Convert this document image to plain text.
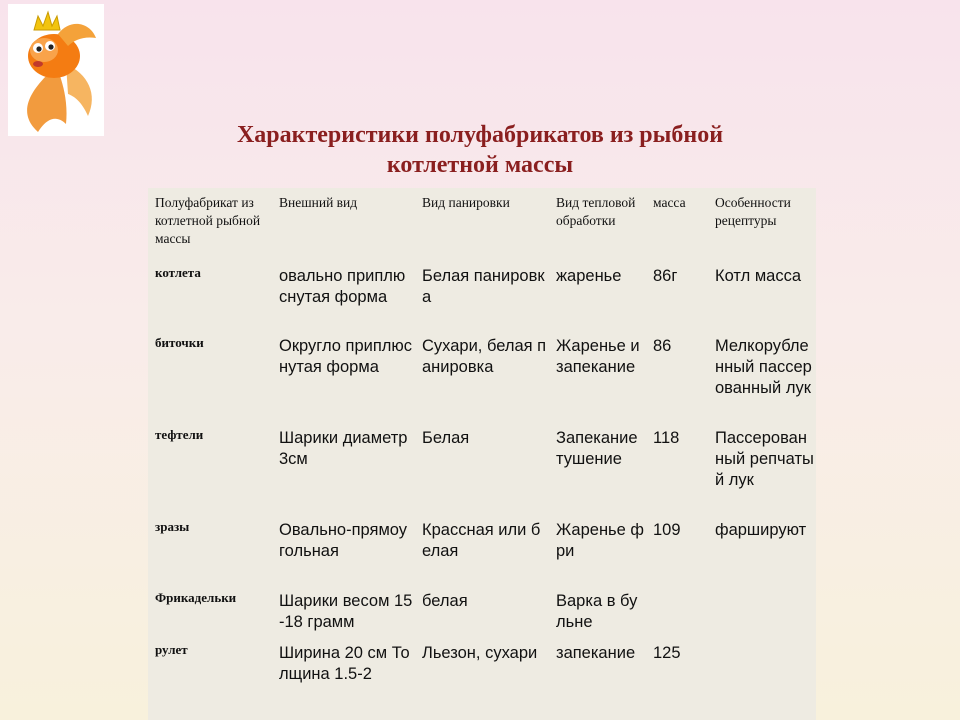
Характеристики полуфабрикатов из рыбной
котлетной массы
Полуфабрикат из котлетной рыбной массы	Внешний вид	Вид панировки	Вид тепловой обработки	масса	Особенности рецептуры
котлета	овально приплюснутая форма	Белая панировка	жаренье	86г	Котл масса
биточки	Округло приплюснутая форма	Сухари, белая панировка	Жаренье и запекание	86	Мелкорубленный пассерованный лук
тефтели	Шарики диаметр 3см	Белая	Запекание тушение	118	Пассерованный репчатый лук
зразы	Овально-прямоугольная	Крассная или белая	Жаренье фри	109	фаршируют
Фрикадельки	Шарики весом 15-18 грамм	белая	Варка в бульне		
рулет	Ширина 20 см Толщина 1.5-2	Льезон, сухари	запекание	125	
